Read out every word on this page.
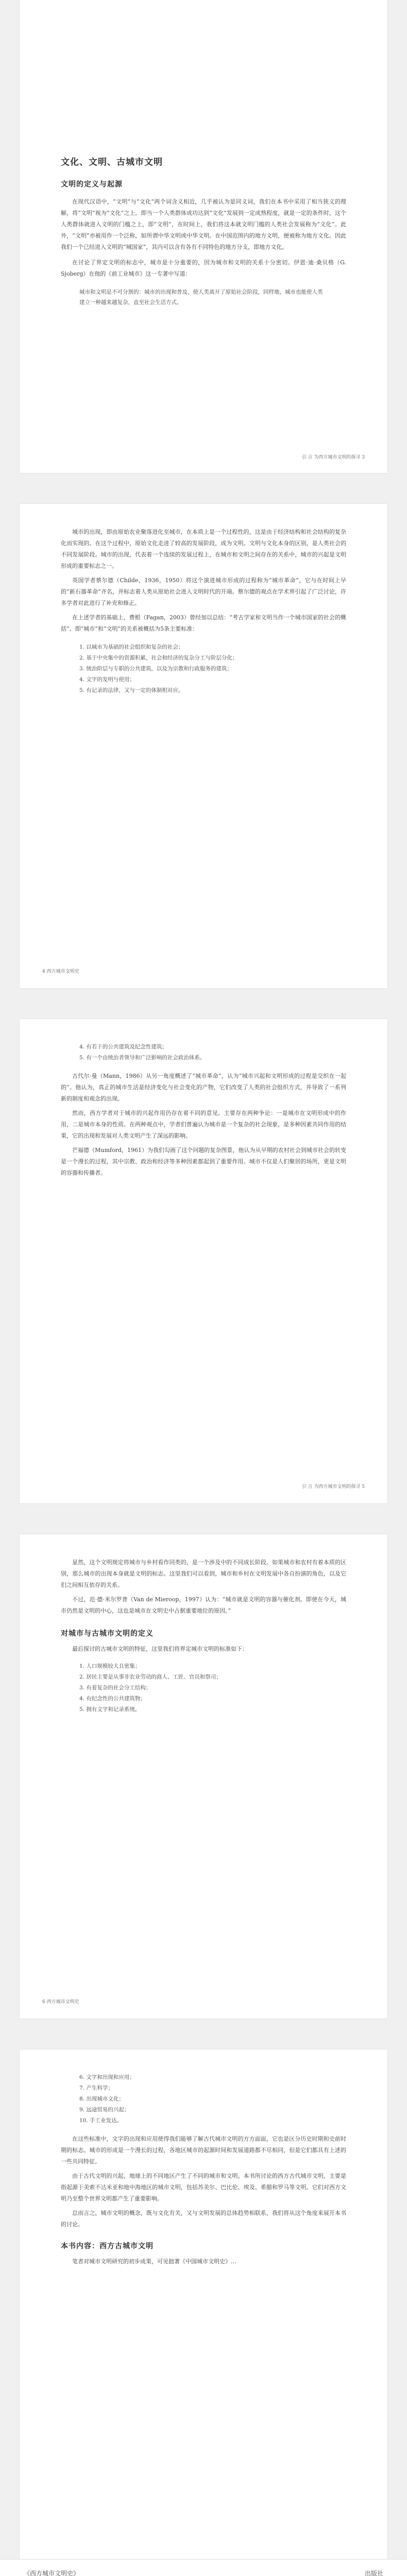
文化、文明、古城市文明
文明的定义与起源
在现代汉语中，“文明”与“文化”两个词含义相近，几乎被认为是同义词，我们在本书中采用了相当狭义的理解，将“文明”视为“文化”之上。即当一个人类群体成功达到“文化”发展到一定成熟程度，就是一定的条件时，这个人类群体就进入文明的门槛之上，即“文明”，在时间上，我们将这本就文明门槛的人类社会发展称为“文化”。此外，“文明”亦被用作一个泛称，如所谓中华文明或中华文明。在中国范围内的地方文明，便被称为地方文化。因此我们一个已经进入文明的“城国家”，其内可以含有各有不同特色的地方分支，即地方文化。
在讨论了界定文明的标志中，城市是十分重要的，因为城市和文明的关系十分密切。伊恩·迪·桑贝格（G. Sjoberg）在他的《前工业城市》这一专著中写道：
城市和文明是不可分割的：城市的出现和普及，使人类离开了原始社会阶段，同样地，城市也能使人类建立一种越来越复杂，直至社会生活方式。
引 言 为西方城市文明的探寻 3
城市的出现，即由原始农业聚落进化至城市，在本质上是一个过程性的，这是由于经济结构和社会结构的复杂化而实现的。在这个过程中，原始文化走进了较高的发展阶段，成为文明。文明与文化本身的区别，是人类社会的不同发展阶段。城市的出现，代表着一个连续的发展过程上，在城市和文明之间存在的关系中，城市的兴起是文明形成的重要标志之一。
英国学者蔡尔德（Childe，1936，1950）将这个演进城市形成的过程称为“城市革命”，它与在时间上早的“新石器革命”齐名，并标志着人类从原始社会进入文明时代的开端。蔡尔德的观点在学术界引起了广泛讨论，许多学者对此进行了补充和修正。
在上述学者的基础上，费根（Fagan，2003）曾经加以总结：“考古学家和文明当作一个城市国家的社会的概括”。即“城市”和“文明”的关系被概括为5条主要标准：
1. 以城市为基础的社会组织和复杂的社会；
2. 基于中央集中的资源积累，社会和经济的复杂分工与阶层分化；
3. 统治阶层与专职的公共建筑，以及为宗教和行政服务的建筑；
4. 文字的发明与使用；
5. 有记录的法律，又与一定的体制相对应。
4 西方城市文明史
4. 有若干的公共建筑及纪念性建筑；
5. 有一个由统治者领导和广泛影响的社会政治体系。
古代尔·曼（Mann，1986）从另一角度概述了“城市革命”，认为“城市兴起和文明形成的过程是交织在一起的”。他认为，真正的城市生活是经济变化与社会变化的产物，它们改变了人类的社会组织方式，并导致了一系列新的制度和观念的出现。
然而，西方学者对于城市的兴起作用仍存在着不同的意见。主要存在两种争论：一是城市在文明形成中的作用，二是城市本身的性质。在两种观点中，学者们普遍认为城市是一个复杂的社会现象，是多种因素共同作用的结果，它的出现和发展对人类文明产生了深远的影响。
芒福德（Mumford，1961）为我们勾画了这个问题的复杂图景，他认为从早期的农村社会到城市社会的转变是一个漫长的过程，其中宗教、政治和经济等多种因素都起到了重要作用。城市不仅是人们聚居的场所，更是文明的容器和传播者。
引 言 为西方城市文明的探寻 5
显然，这个文明规定将城市与乡村看作同类的，是一个涉及中的不同成长阶段。如果城市和农村有着本质的区别，那么城市的出现本身就是文明的标志。这里我们可以看到，城市和乡村在文明发展中各自扮演的角色，以及它们之间相互依存的关系。
不过，范·德·米尔罗普（Van de Mieroop，1997）认为：“城市就是文明的容器与催化剂。即使在今天，城市仍然是文明的中心，这也是城市在文明史中占据重要地位的原因。”
对城市与古城市文明的定义
最后探讨的古城市文明的特征，这里我们将界定城市文明的标准如下：
1. 人口规模较大且密集；
2. 居民主要是从事非农业劳动的商人、工匠、官员和祭司；
3. 有着复杂的社会分工结构；
4. 有纪念性的公共建筑物；
5. 拥有文字和记录系统。
6 西方城市文明史
6. 文字和出现和应用；
7. 产生科学；
8. 出现城市文化；
9. 远途贸易的兴起；
10. 手工业发达。
在这些标准中，文字的出现和应用使得我们能够了解古代城市文明的方方面面，它也是区分历史时期和史前时期的标志。城市的形成是一个漫长的过程，各地区城市的起源时间和发展道路都不尽相同，但是它们都具有上述的一些共同特征。
由于古代文明的兴起，地球上的不同地区产生了不同的城市和文明。本书所讨论的西方古代城市文明，主要是指起源于美索不达米亚和地中海地区的城市文明，包括苏美尔、巴比伦、埃及、希腊和罗马等文明。它们对西方文明乃至整个世界文明都产生了重要影响。
总而言之，城市文明的概念，既与文化有关，又与文明发展的总体趋势相联系，我们将从这个角度来展开本书的讨论。
本书内容：西方古城市文明
笔者对城市文明研究的初步成果，可见拙著《中国城市文明史》…
《西方城市文明史》	出版社
